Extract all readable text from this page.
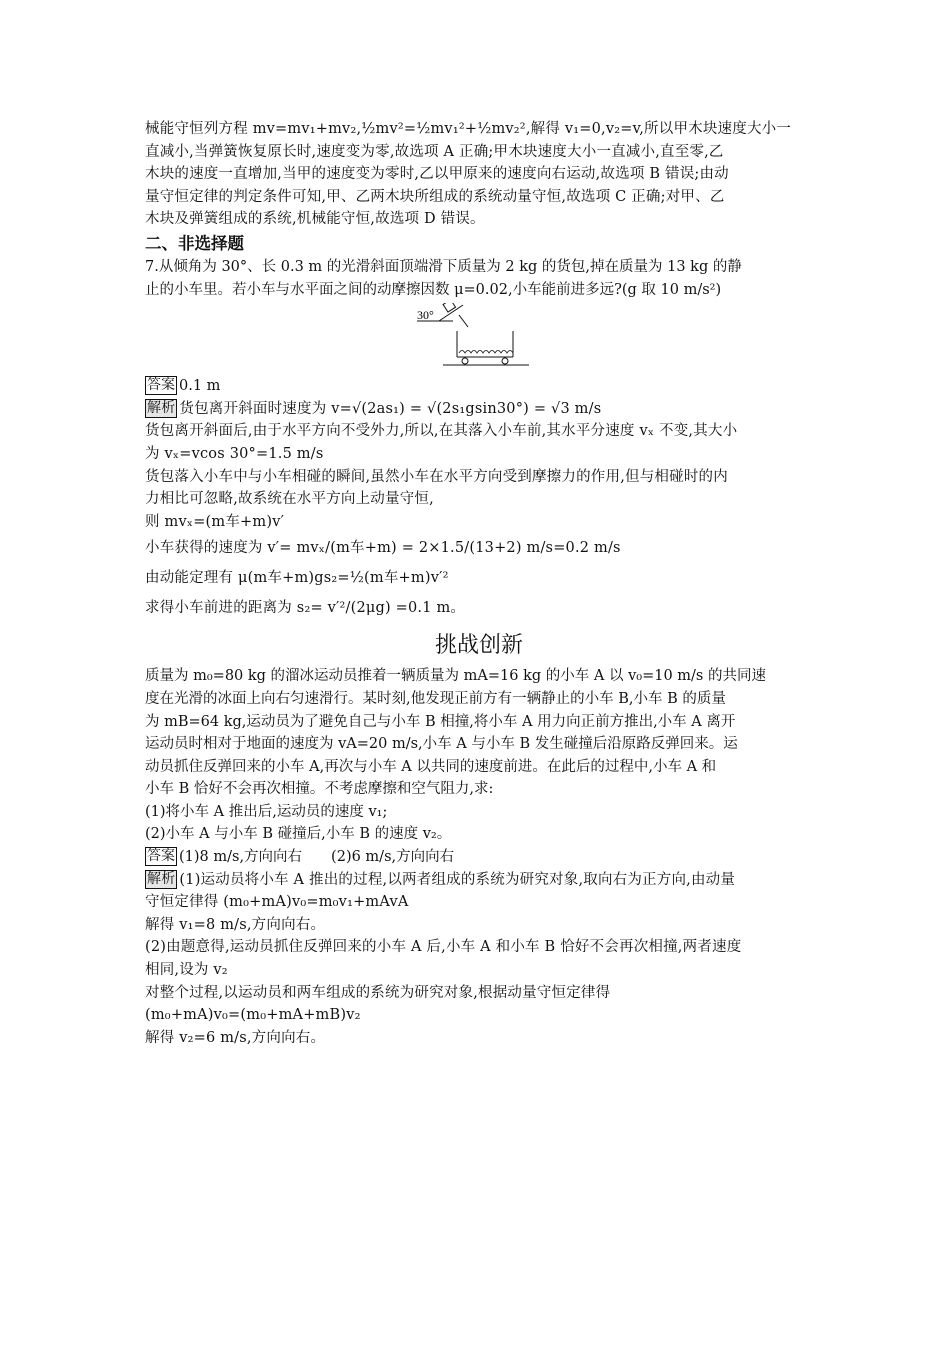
械能守恒列方程 mv=mv₁+mv₂,½mv²=½mv₁²+½mv₂²,解得 v₁=0,v₂=v,所以甲木块速度大小一
直减小,当弹簧恢复原长时,速度变为零,故选项 A 正确;甲木块速度大小一直减小,直至零,乙
木块的速度一直增加,当甲的速度变为零时,乙以甲原来的速度向右运动,故选项 B 错误;由动
量守恒定律的判定条件可知,甲、乙两木块所组成的系统动量守恒,故选项 C 正确;对甲、乙
木块及弹簧组成的系统,机械能守恒,故选项 D 错误。
二、非选择题
7.从倾角为 30°、长 0.3 m 的光滑斜面顶端滑下质量为 2 kg 的货包,掉在质量为 13 kg 的静
止的小车里。若小车与水平面之间的动摩擦因数 μ=0.02,小车能前进多远?(g 取 10 m/s²)
30°
答案 0.1 m
解析 货包离开斜面时速度为 v=√(2as₁) = √(2s₁gsin30°) = √3 m/s
货包离开斜面后,由于水平方向不受外力,所以,在其落入小车前,其水平分速度 vₓ 不变,其大小
为 vₓ=vcos 30°=1.5 m/s
货包落入小车中与小车相碰的瞬间,虽然小车在水平方向受到摩擦力的作用,但与相碰时的内
力相比可忽略,故系统在水平方向上动量守恒,
则 mvₓ=(m车+m)v′
小车获得的速度为 v′= mvₓ/(m车+m) = 2×1.5/(13+2) m/s=0.2 m/s
由动能定理有 μ(m车+m)gs₂=½(m车+m)v′²
求得小车前进的距离为 s₂= v′²/(2μg) =0.1 m。
挑战创新
质量为 m₀=80 kg 的溜冰运动员推着一辆质量为 mA=16 kg 的小车 A 以 v₀=10 m/s 的共同速
度在光滑的冰面上向右匀速滑行。某时刻,他发现正前方有一辆静止的小车 B,小车 B 的质量
为 mB=64 kg,运动员为了避免自己与小车 B 相撞,将小车 A 用力向正前方推出,小车 A 离开
运动员时相对于地面的速度为 vA=20 m/s,小车 A 与小车 B 发生碰撞后沿原路反弹回来。运
动员抓住反弹回来的小车 A,再次与小车 A 以共同的速度前进。在此后的过程中,小车 A 和
小车 B 恰好不会再次相撞。不考虑摩擦和空气阻力,求:
(1)将小车 A 推出后,运动员的速度 v₁;
(2)小车 A 与小车 B 碰撞后,小车 B 的速度 v₂。
答案 (1)8 m/s,方向向右　　(2)6 m/s,方向向右
解析 (1)运动员将小车 A 推出的过程,以两者组成的系统为研究对象,取向右为正方向,由动量
守恒定律得 (m₀+mA)v₀=m₀v₁+mAvA
解得 v₁=8 m/s,方向向右。
(2)由题意得,运动员抓住反弹回来的小车 A 后,小车 A 和小车 B 恰好不会再次相撞,两者速度
相同,设为 v₂
对整个过程,以运动员和两车组成的系统为研究对象,根据动量守恒定律得
(m₀+mA)v₀=(m₀+mA+mB)v₂
解得 v₂=6 m/s,方向向右。
